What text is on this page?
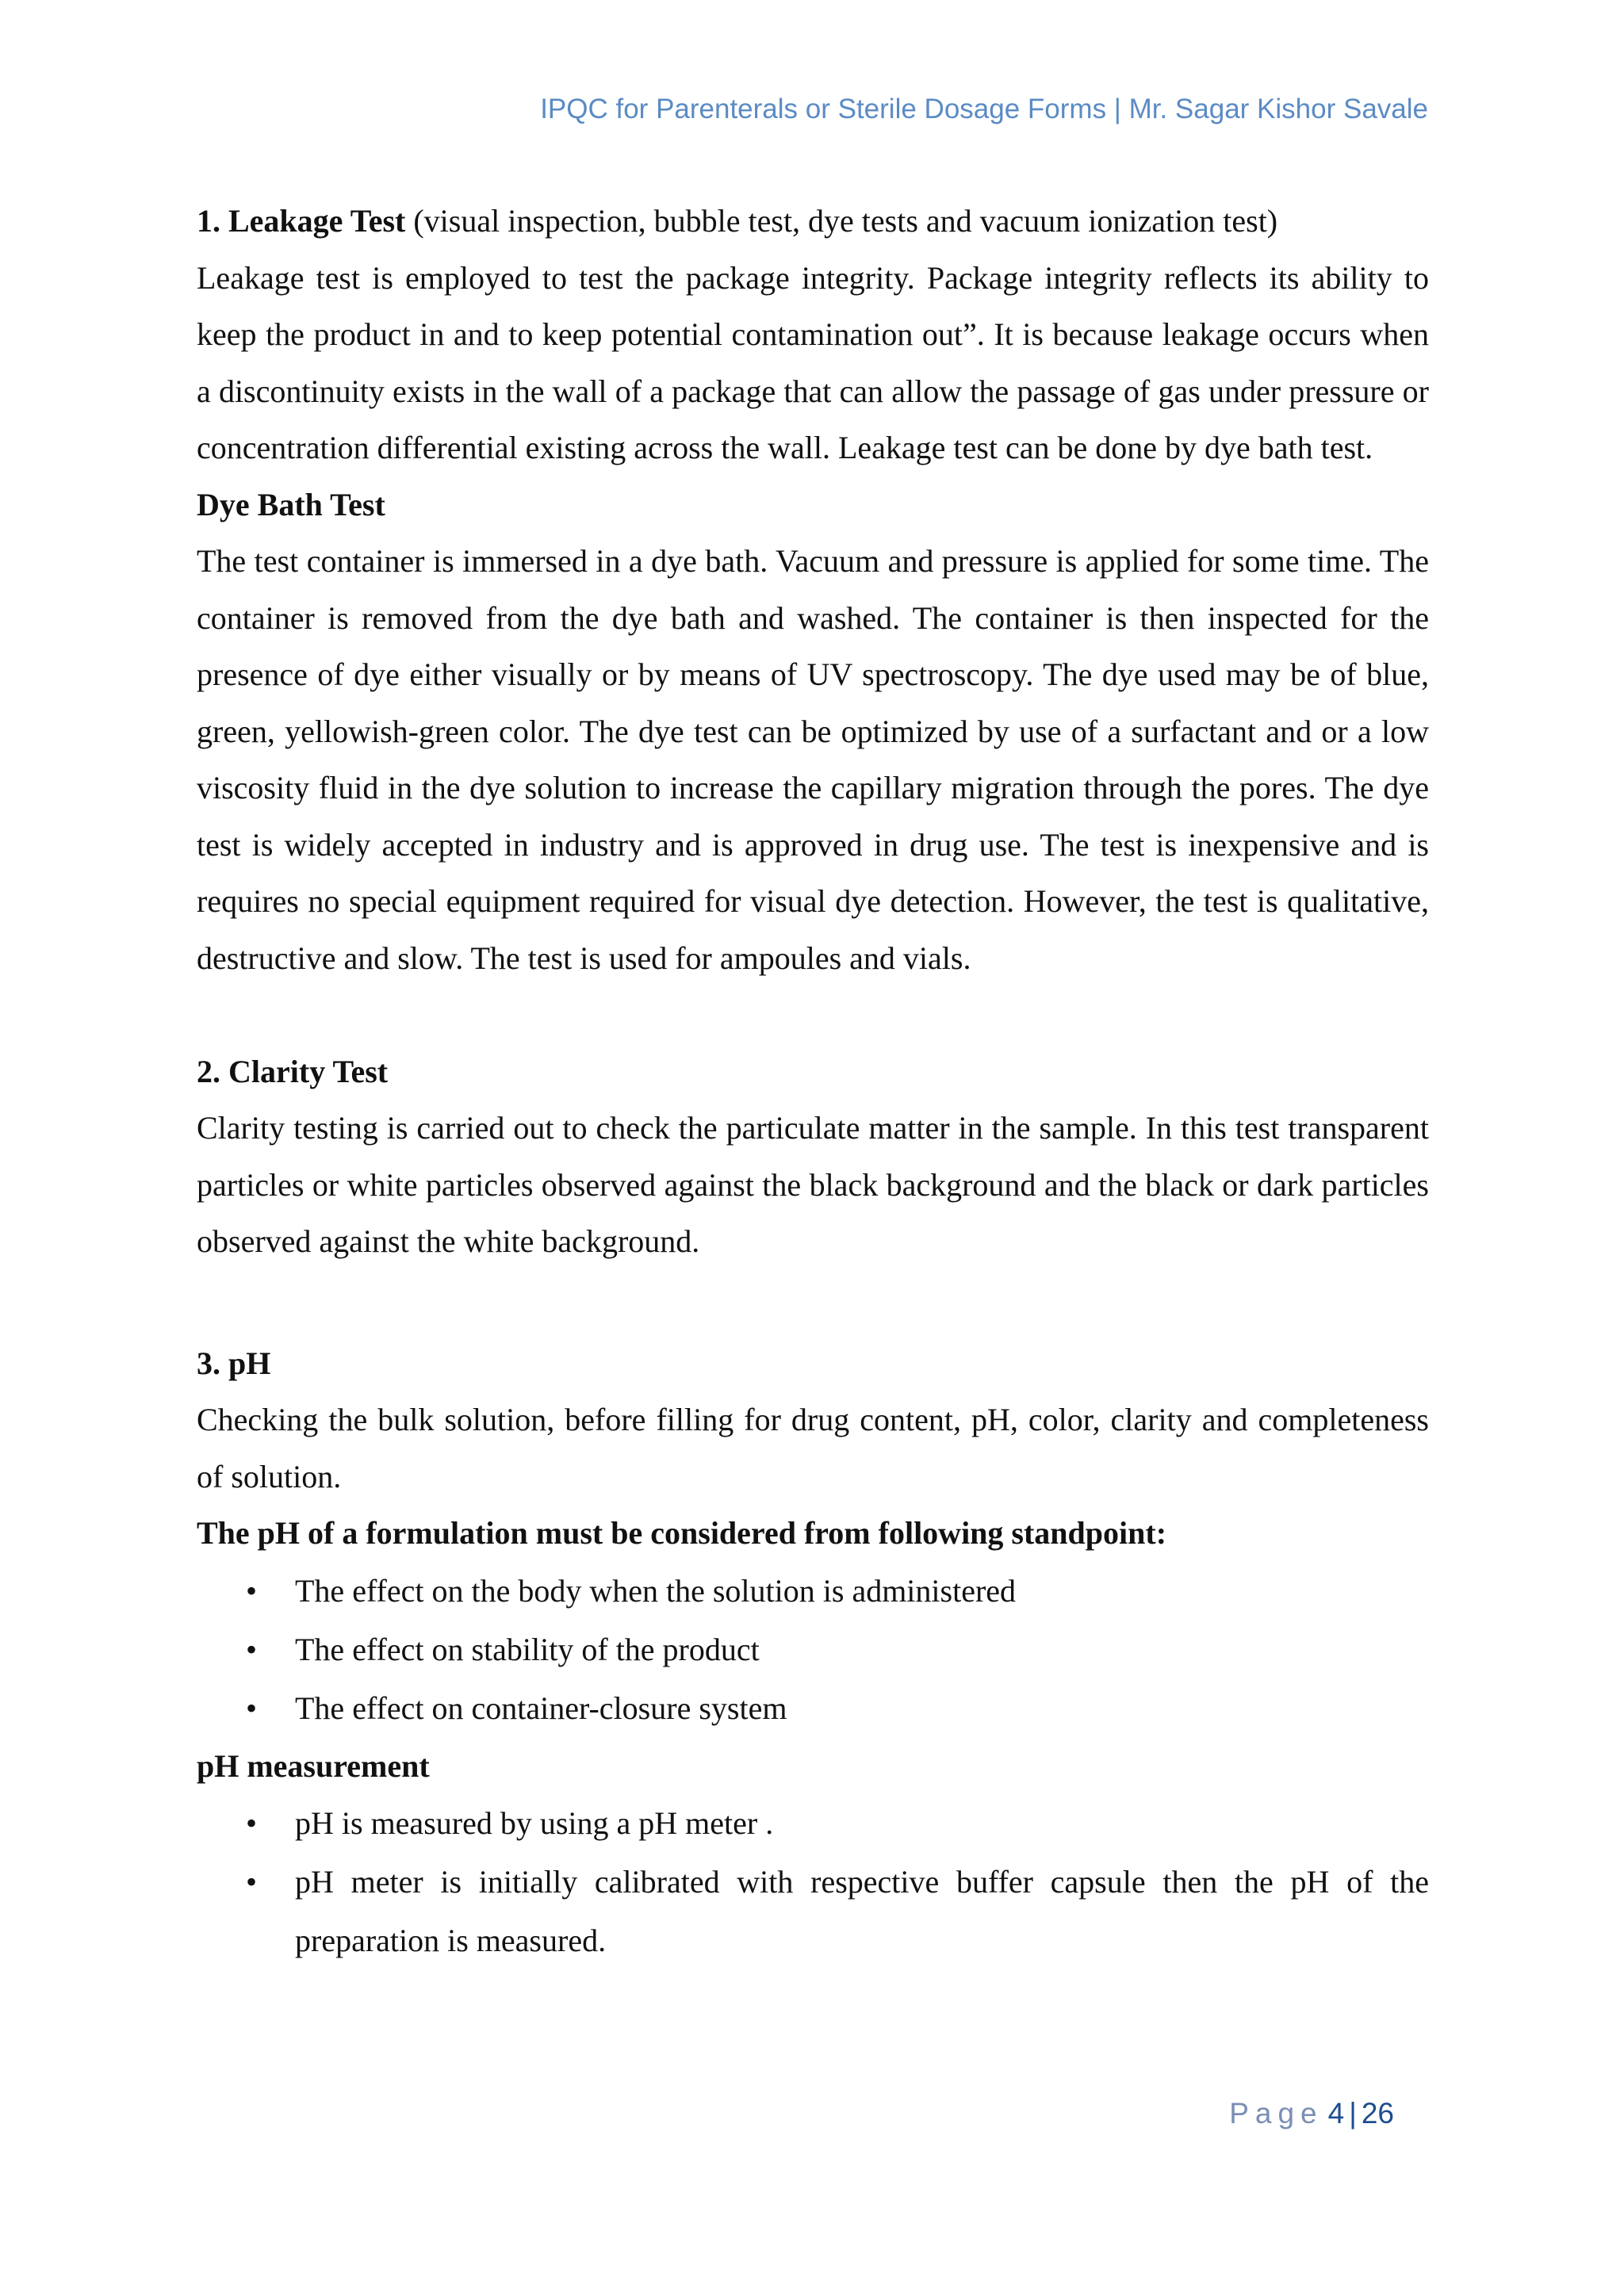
IPQC for Parenterals or Sterile Dosage Forms | Mr. Sagar Kishor Savale

1. Leakage Test (visual inspection, bubble test, dye tests and vacuum ionization test)

Leakage test is employed to test the package integrity. Package integrity reflects its ability to keep the product in and to keep potential contamination out”. It is because leakage occurs when a discontinuity exists in the wall of a package that can allow the passage of gas under pressure or concentration differential existing across the wall. Leakage test can be done by dye bath test.

Dye Bath Test

The test container is immersed in a dye bath. Vacuum and pressure is applied for some time. The container is removed from the dye bath and washed. The container is then inspected for the presence of dye either visually or by means of UV spectroscopy. The dye used may be of blue, green, yellowish-green color. The dye test can be optimized by use of a surfactant and or a low viscosity fluid in the dye solution to increase the capillary migration through the pores. The dye test is widely accepted in industry and is approved in drug use. The test is inexpensive and is requires no special equipment required for visual dye detection. However, the test is qualitative, destructive and slow. The test is used for ampoules and vials.

2. Clarity Test

Clarity testing is carried out to check the particulate matter in the sample. In this test transparent particles or white particles observed against the black background and the black or dark particles observed against the white background.

3. pH

Checking the bulk solution, before filling for drug content, pH, color, clarity and completeness of solution.

The pH of a formulation must be considered from following standpoint:
• The effect on the body when the solution is administered
• The effect on stability of the product
• The effect on container-closure system
pH measurement
• pH is measured by using a pH meter .
• pH meter is initially calibrated with respective buffer capsule then the pH of the preparation is measured.
Page 4 | 26
